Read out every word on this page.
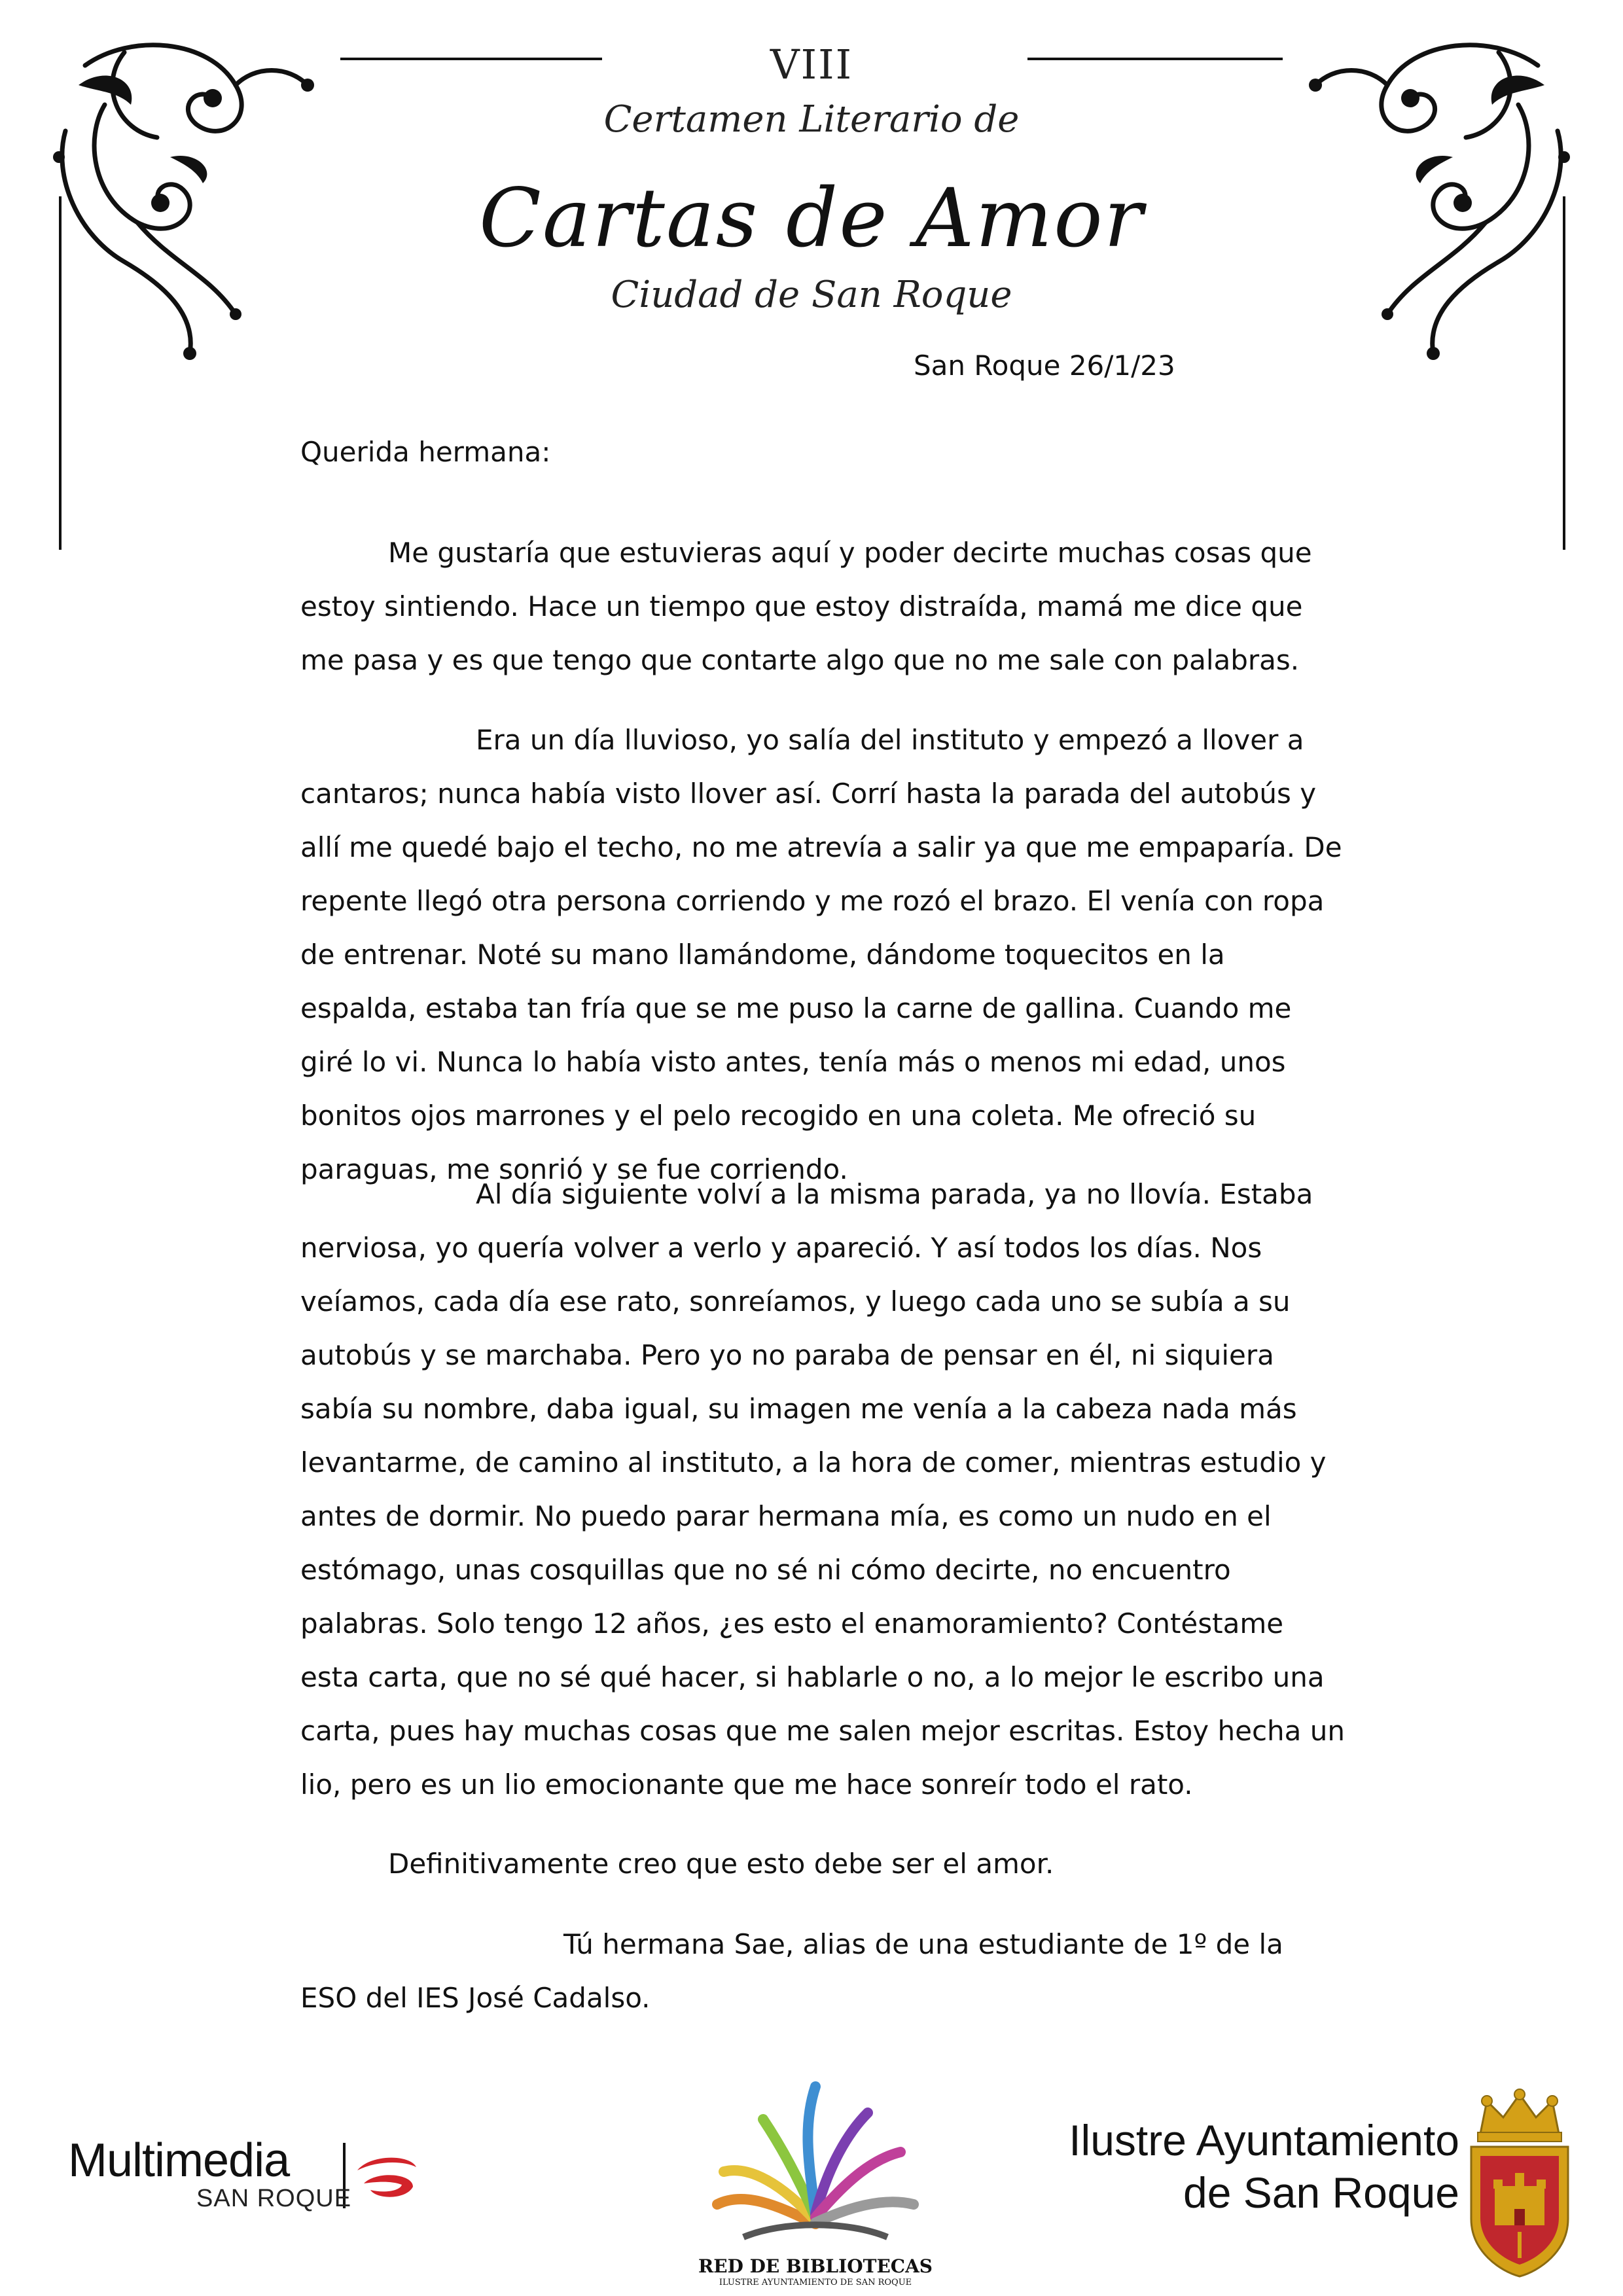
VIII
Certamen Literario de
Cartas de Amor
Ciudad de San Roque
San Roque 26/1/23
Querida hermana:

Me gustaría que estuvieras aquí y poder decirte muchas cosas que estoy sintiendo. Hace un tiempo que estoy distraída, mamá me dice que me pasa y es que tengo que contarte algo que no me sale con palabras.

Era un día lluvioso, yo salía del instituto y empezó a llover a cantaros; nunca había visto llover así. Corrí hasta la parada del autobús y allí me quedé bajo el techo, no me atrevía a salir ya que me empaparía. De repente llegó otra persona corriendo y me rozó el brazo. El venía con ropa de entrenar. Noté su mano llamándome, dándome toquecitos en la espalda, estaba tan fría que se me puso la carne de gallina. Cuando me giré lo vi. Nunca lo había visto antes, tenía más o menos mi edad, unos bonitos ojos marrones y el pelo recogido en una coleta. Me ofreció su paraguas, me sonrió y se fue corriendo.

Al día siguiente volví a la misma parada, ya no llovía. Estaba nerviosa, yo quería volver a verlo y apareció. Y así todos los días. Nos veíamos, cada día ese rato, sonreíamos, y luego cada uno se subía a su autobús y se marchaba. Pero yo no paraba de pensar en él, ni siquiera sabía su nombre, daba igual, su imagen me venía a la cabeza nada más levantarme, de camino al instituto, a la hora de comer, mientras estudio y antes de dormir. No puedo parar hermana mía, es como un nudo en el estómago, unas cosquillas que no sé ni cómo decirte, no encuentro palabras. Solo tengo 12 años, ¿es esto el enamoramiento? Contéstame esta carta, que no sé qué hacer, si hablarle o no, a lo mejor le escribo una carta, pues hay muchas cosas que me salen mejor escritas. Estoy hecha un lio, pero es un lio emocionante que me hace sonreír todo el rato.

Definitivamente creo que esto debe ser el amor.

Tú hermana Sae, alias de una estudiante de 1º de la ESO del IES José Cadalso.

Multimedia
SAN ROQUE
RED DE BIBLIOTECAS
ILUSTRE AYUNTAMIENTO DE SAN ROQUE
Ilustre Ayuntamiento
de San Roque
